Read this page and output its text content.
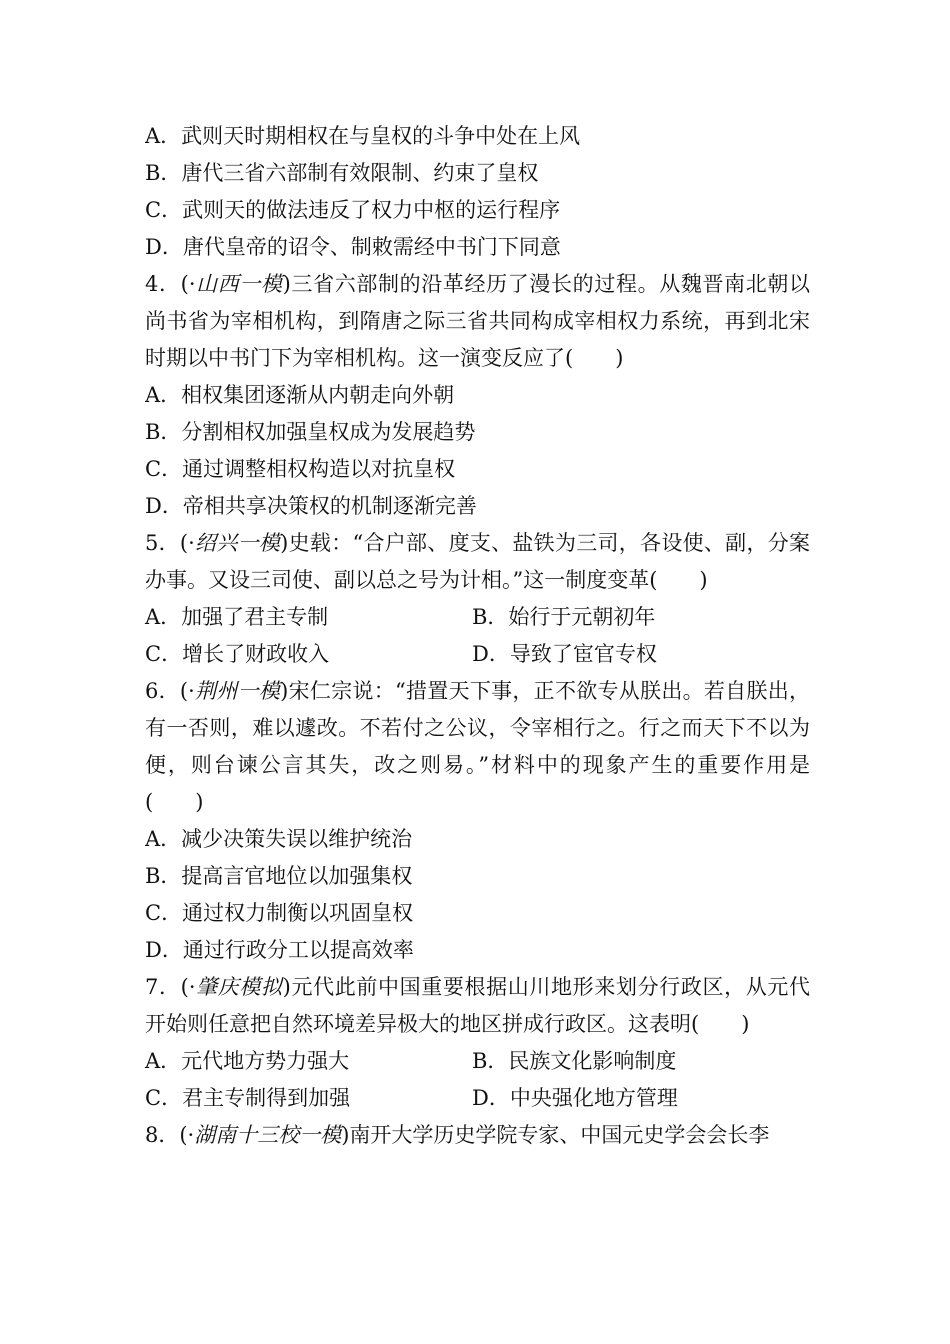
A．武则天时期相权在与皇权的斗争中处在上风
B．唐代三省六部制有效限制、约束了皇权
C．武则天的做法违反了权力中枢的运行程序
D．唐代皇帝的诏令、制敕需经中书门下同意
4．(·山西一模)三省六部制的沿革经历了漫长的过程。从魏晋南北朝以尚书省为宰相机构，到隋唐之际三省共同构成宰相权力系统，再到北宋时期以中书门下为宰相机构。这一演变反应了(　　)
A．相权集团逐渐从内朝走向外朝
B．分割相权加强皇权成为发展趋势
C．通过调整相权构造以对抗皇权
D．帝相共享决策权的机制逐渐完善
5．(·绍兴一模)史载：“合户部、度支、盐铁为三司，各设使、副，分案办事。又设三司使、副以总之号为计相。”这一制度变革(　　)
A．加强了君主专制	B．始行于元朝初年
C．增长了财政收入	D．导致了宦官专权
6．(·荆州一模)宋仁宗说：“措置天下事，正不欲专从朕出。若自朕出，有一否则，难以遽改。不若付之公议，令宰相行之。行之而天下不以为便，则台谏公言其失，改之则易。”材料中的现象产生的重要作用是(　　)
A．减少决策失误以维护统治
B．提高言官地位以加强集权
C．通过权力制衡以巩固皇权
D．通过行政分工以提高效率
7．(·肇庆模拟)元代此前中国重要根据山川地形来划分行政区，从元代开始则任意把自然环境差异极大的地区拼成行政区。这表明(　　)
A．元代地方势力强大	B．民族文化影响制度
C．君主专制得到加强	D．中央强化地方管理
8．(·湖南十三校一模)南开大学历史学院专家、中国元史学会会长李
